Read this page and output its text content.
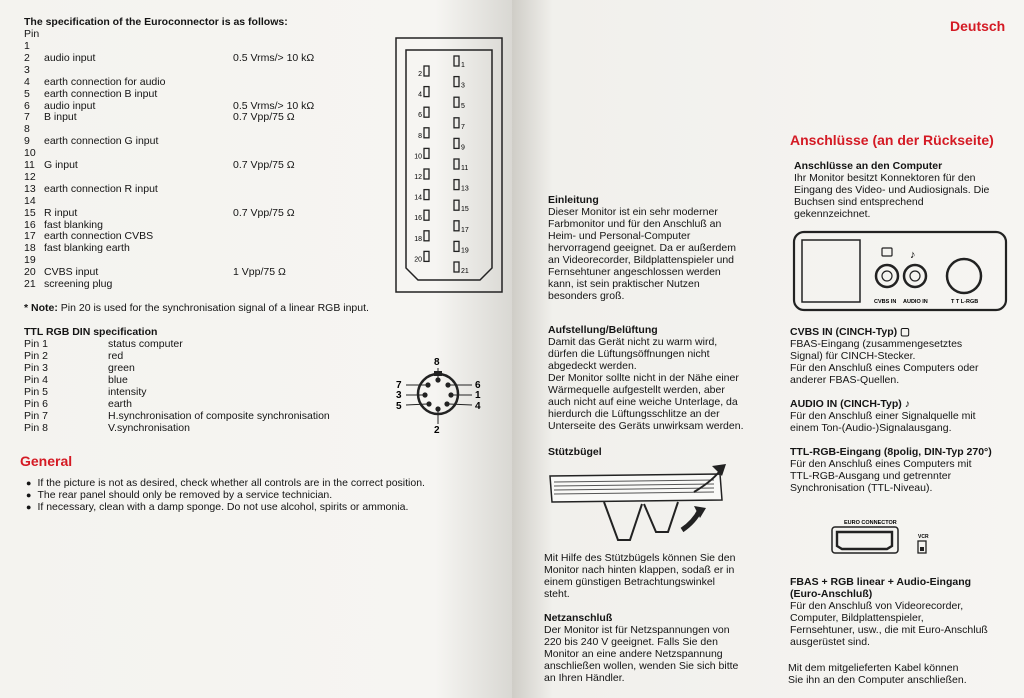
The specification of the Euroconnector is as follows:
Pin
1
2 audio input	0.5 Vrms/> 10 kΩ
3
4 earth connection for audio
5 earth connection B input
6 audio input	0.5 Vrms/> 10 kΩ
7 B input	0.7 Vpp/75 Ω
8
9 earth connection G input
10
11 G input	0.7 Vpp/75 Ω
12
13 earth connection R input
14
15 R input	0.7 Vpp/75 Ω
16 fast blanking
17 earth connection CVBS
18 fast blanking earth
19
20 CVBS input	1 Vpp/75 Ω
21 screening plug
1
3
5
7
9
11
13
15
17
19
21
2
4
6
8
10
12
14
16
18
20
* Note: Pin 20 is used for the synchronisation signal of a linear RGB input.
TTL RGB DIN specification
Pin 1	status computer
Pin 2	red
Pin 3	green
Pin 4	blue
Pin 5	intensity
Pin 6	earth
Pin 7	H.synchronisation of composite synchronisation
Pin 8	V.synchronisation
8
7
3
5
6
1
4
2
General
● If the picture is not as desired, check whether all controls are in the correct position.
● The rear panel should only be removed by a service technician.
● If necessary, clean with a damp sponge. Do not use alcohol, spirits or ammonia.
Deutsch
Anschlüsse (an der Rückseite)

Einleitung

Dieser Monitor ist ein sehr moderner

Farbmonitor und für den Anschluß an

Heim- und Personal-Computer

hervorragend geeignet. Da er außerdem

an Videorecorder, Bildplattenspieler und

Fernsehtuner angeschlossen werden

kann, ist sein praktischer Nutzen

besonders groß.

Aufstellung/Belüftung

Damit das Gerät nicht zu warm wird,

dürfen die Lüftungsöffnungen nicht

abgedeckt werden.

Der Monitor sollte nicht in der Nähe einer

Wärmequelle aufgestellt werden, aber

auch nicht auf eine weiche Unterlage, da

hierdurch die Lüftungsschlitze an der

Unterseite des Geräts unwirksam werden.

Stützbügel

Mit Hilfe des Stützbügels können Sie den

Monitor nach hinten klappen, sodaß er in

einem günstigen Betrachtungswinkel

steht.

Netzanschluß

Der Monitor ist für Netzspannungen von

220 bis 240 V geeignet. Falls Sie den

Monitor an eine andere Netzspannung

anschließen wollen, wenden Sie sich bitte

an Ihren Händler.

Anschlüsse an den Computer

Ihr Monitor besitzt Konnektoren für den

Eingang des Video- und Audiosignals. Die

Buchsen sind entsprechend

gekennzeichnet.

♪
CVBS IN AUDIO IN	T T L-RGB

CVBS IN (CINCH-Typ) ▢

FBAS-Eingang (zusammengesetztes

Signal) für CINCH-Stecker.

Für den Anschluß eines Computers oder

anderer FBAS-Quellen.

AUDIO IN (CINCH-Typ) ♪

Für den Anschluß einer Signalquelle mit

einem Ton-(Audio-)Signalausgang.

TTL-RGB-Eingang (8polig, DIN-Typ 270°)

Für den Anschluß eines Computers mit

TTL-RGB-Ausgang und getrennter

Synchronisation (TTL-Niveau).

EURO CONNECTOR
VCR

FBAS + RGB linear + Audio-Eingang

(Euro-Anschluß)

Für den Anschluß von Videorecorder,

Computer, Bildplattenspieler,

Fernsehtuner, usw., die mit Euro-Anschluß

ausgerüstet sind.

Mit dem mitgelieferten Kabel können

Sie ihn an den Computer anschließen.
